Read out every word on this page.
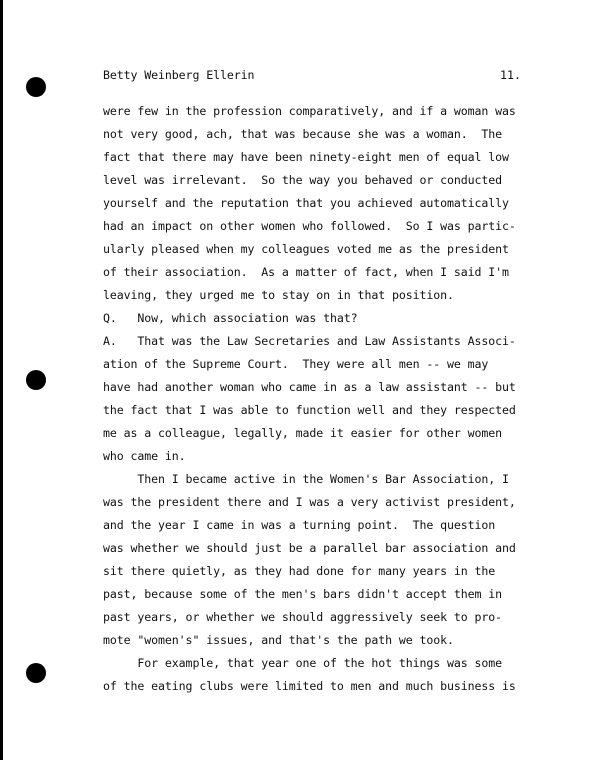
Betty Weinberg Ellerin	11.
were few in the profession comparatively, and if a woman was
not very good, ach, that was because she was a woman.  The
fact that there may have been ninety-eight men of equal low
level was irrelevant.  So the way you behaved or conducted
yourself and the reputation that you achieved automatically
had an impact on other women who followed.  So I was partic-
ularly pleased when my colleagues voted me as the president
of their association.  As a matter of fact, when I said I'm
leaving, they urged me to stay on in that position.
Q.   Now, which association was that?
A.   That was the Law Secretaries and Law Assistants Associ-
ation of the Supreme Court.  They were all men -- we may
have had another woman who came in as a law assistant -- but
the fact that I was able to function well and they respected
me as a colleague, legally, made it easier for other women
who came in.
Then I became active in the Women's Bar Association, I
was the president there and I was a very activist president,
and the year I came in was a turning point.  The question
was whether we should just be a parallel bar association and
sit there quietly, as they had done for many years in the
past, because some of the men's bars didn't accept them in
past years, or whether we should aggressively seek to pro-
mote "women's" issues, and that's the path we took.
For example, that year one of the hot things was some
of the eating clubs were limited to men and much business is
